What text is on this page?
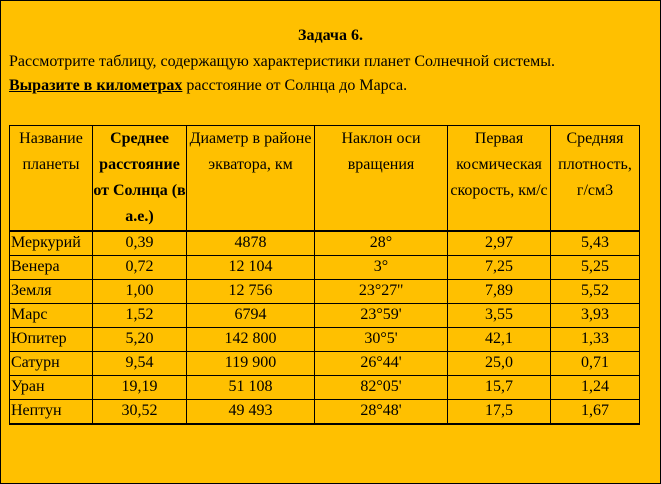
Задача 6.
Рассмотрите таблицу, содержащую характеристики планет Солнечной системы.
Выразите в километрах расстояние от Солнца до Марса.
Название планеты	Среднее расстояние от Солнца (в а.е.)	Диаметр в районе экватора, км	Наклон оси вращения	Первая космическая скорость, км/с	Средняя плотность, г/см3
Меркурий	0,39	4878	28°	2,97	5,43
Венера	0,72	12 104	3°	7,25	5,25
Земля	1,00	12 756	23°27''	7,89	5,52
Марс	1,52	6794	23°59'	3,55	3,93
Юпитер	5,20	142 800	30°5'	42,1	1,33
Сатурн	9,54	119 900	26°44'	25,0	0,71
Уран	19,19	51 108	82°05'	15,7	1,24
Нептун	30,52	49 493	28°48'	17,5	1,67
